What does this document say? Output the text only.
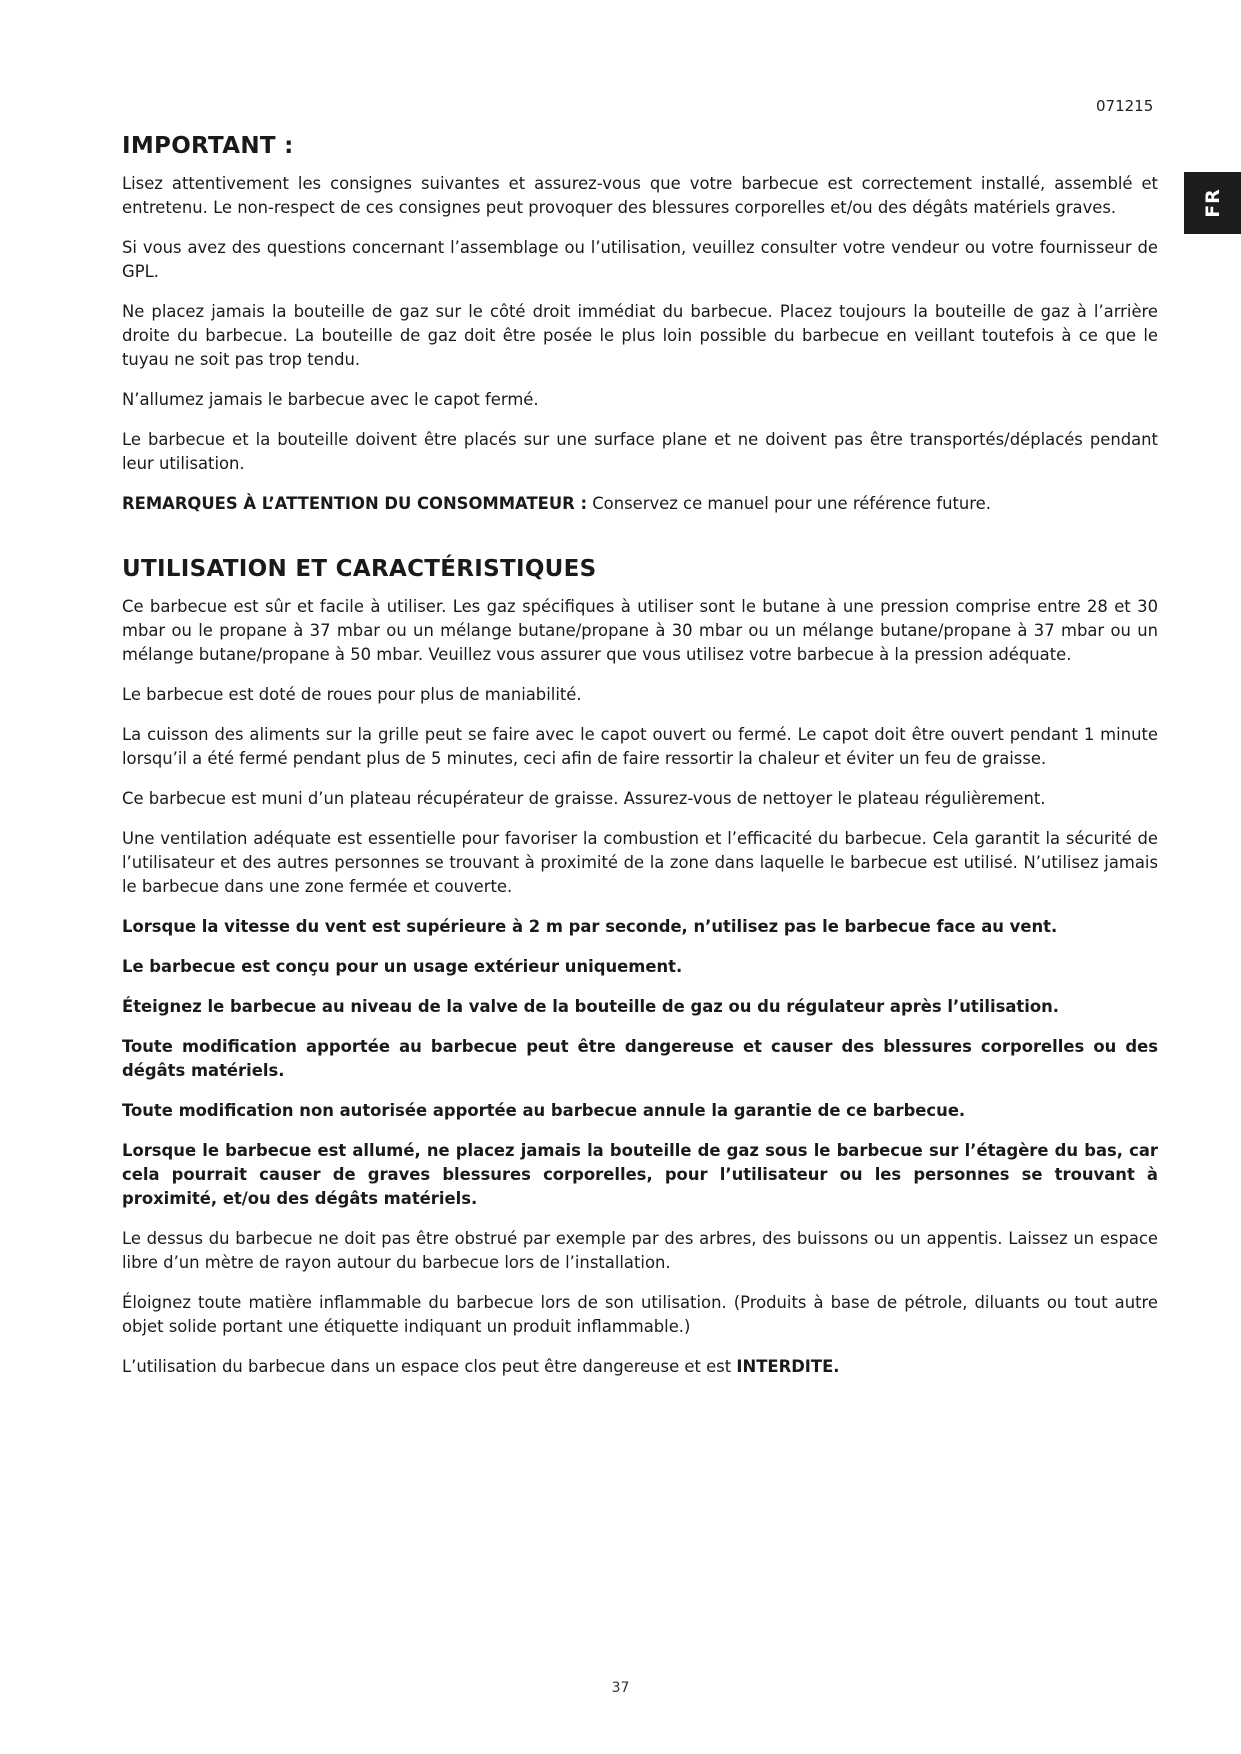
071215
FR
IMPORTANT :

Lisez attentivement les consignes suivantes et assurez-vous que votre barbecue est correctement installé, assemblé et entretenu. Le non-respect de ces consignes peut provoquer des blessures corporelles et/ou des dégâts matériels graves.

Si vous avez des questions concernant l’assemblage ou l’utilisation, veuillez consulter votre vendeur ou votre fournisseur de GPL.

Ne placez jamais la bouteille de gaz sur le côté droit immédiat du barbecue. Placez toujours la bouteille de gaz à l’arrière droite du barbecue. La bouteille de gaz doit être posée le plus loin possible du barbecue en veillant toutefois à ce que le tuyau ne soit pas trop tendu.

N’allumez jamais le barbecue avec le capot fermé.

Le barbecue et la bouteille doivent être placés sur une surface plane et ne doivent pas être transportés/déplacés pendant leur utilisation.

REMARQUES À L’ATTENTION DU CONSOMMATEUR : Conservez ce manuel pour une référence future.

UTILISATION ET CARACTÉRISTIQUES

Ce barbecue est sûr et facile à utiliser. Les gaz spécifiques à utiliser sont le butane à une pression comprise entre 28 et 30 mbar ou le propane à 37 mbar ou un mélange butane/propane à 30 mbar ou un mélange butane/propane à 37 mbar ou un mélange butane/propane à 50 mbar. Veuillez vous assurer que vous utilisez votre barbecue à la pression adéquate.

Le barbecue est doté de roues pour plus de maniabilité.

La cuisson des aliments sur la grille peut se faire avec le capot ouvert ou fermé. Le capot doit être ouvert pendant 1 minute lorsqu’il a été fermé pendant plus de 5 minutes, ceci afin de faire ressortir la chaleur et éviter un feu de graisse.

Ce barbecue est muni d’un plateau récupérateur de graisse. Assurez-vous de nettoyer le plateau régulièrement.

Une ventilation adéquate est essentielle pour favoriser la combustion et l’efficacité du barbecue. Cela garantit la sécurité de l’utilisateur et des autres personnes se trouvant à proximité de la zone dans laquelle le barbecue est utilisé. N’utilisez jamais le barbecue dans une zone fermée et couverte.

Lorsque la vitesse du vent est supérieure à 2 m par seconde, n’utilisez pas le barbecue face au vent.

Le barbecue est conçu pour un usage extérieur uniquement.

Éteignez le barbecue au niveau de la valve de la bouteille de gaz ou du régulateur après l’utilisation.

Toute modification apportée au barbecue peut être dangereuse et causer des blessures corporelles ou des dégâts matériels.

Toute modification non autorisée apportée au barbecue annule la garantie de ce barbecue.

Lorsque le barbecue est allumé, ne placez jamais la bouteille de gaz sous le barbecue sur l’étagère du bas, car cela pourrait causer de graves blessures corporelles, pour l’utilisateur ou les personnes se trouvant à proximité, et/ou des dégâts matériels.

Le dessus du barbecue ne doit pas être obstrué par exemple par des arbres, des buissons ou un appentis. Laissez un espace libre d’un mètre de rayon autour du barbecue lors de l’installation.

Éloignez toute matière inflammable du barbecue lors de son utilisation. (Produits à base de pétrole, diluants ou tout autre objet solide portant une étiquette indiquant un produit inflammable.)

L’utilisation du barbecue dans un espace clos peut être dangereuse et est INTERDITE.

37
